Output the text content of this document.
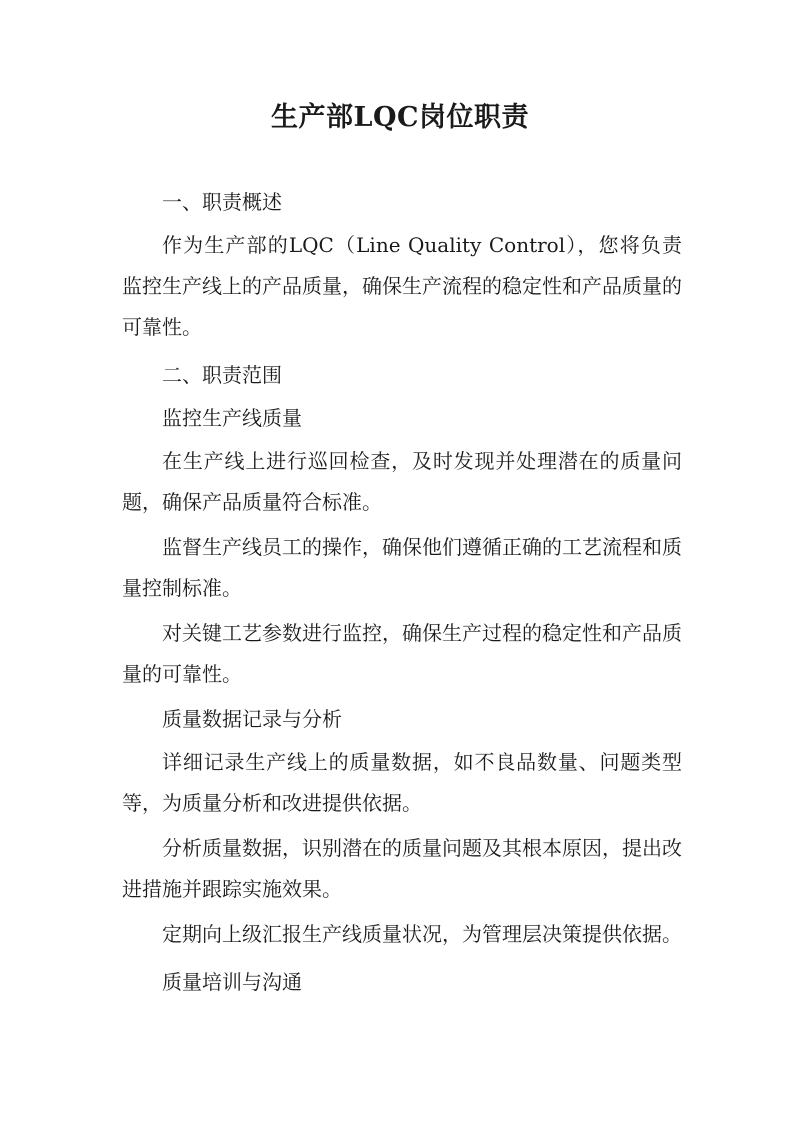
生产部LQC岗位职责

一、职责概述

作为生产部的LQC（Line Quality Control），您将负责监控生产线上的产品质量，确保生产流程的稳定性和产品质量的可靠性。

二、职责范围

监控生产线质量

在生产线上进行巡回检查，及时发现并处理潜在的质量问题，确保产品质量符合标准。

监督生产线员工的操作，确保他们遵循正确的工艺流程和质量控制标准。

对关键工艺参数进行监控，确保生产过程的稳定性和产品质量的可靠性。

质量数据记录与分析

详细记录生产线上的质量数据，如不良品数量、问题类型等，为质量分析和改进提供依据。

分析质量数据，识别潜在的质量问题及其根本原因，提出改进措施并跟踪实施效果。

定期向上级汇报生产线质量状况，为管理层决策提供依据。

质量培训与沟通
